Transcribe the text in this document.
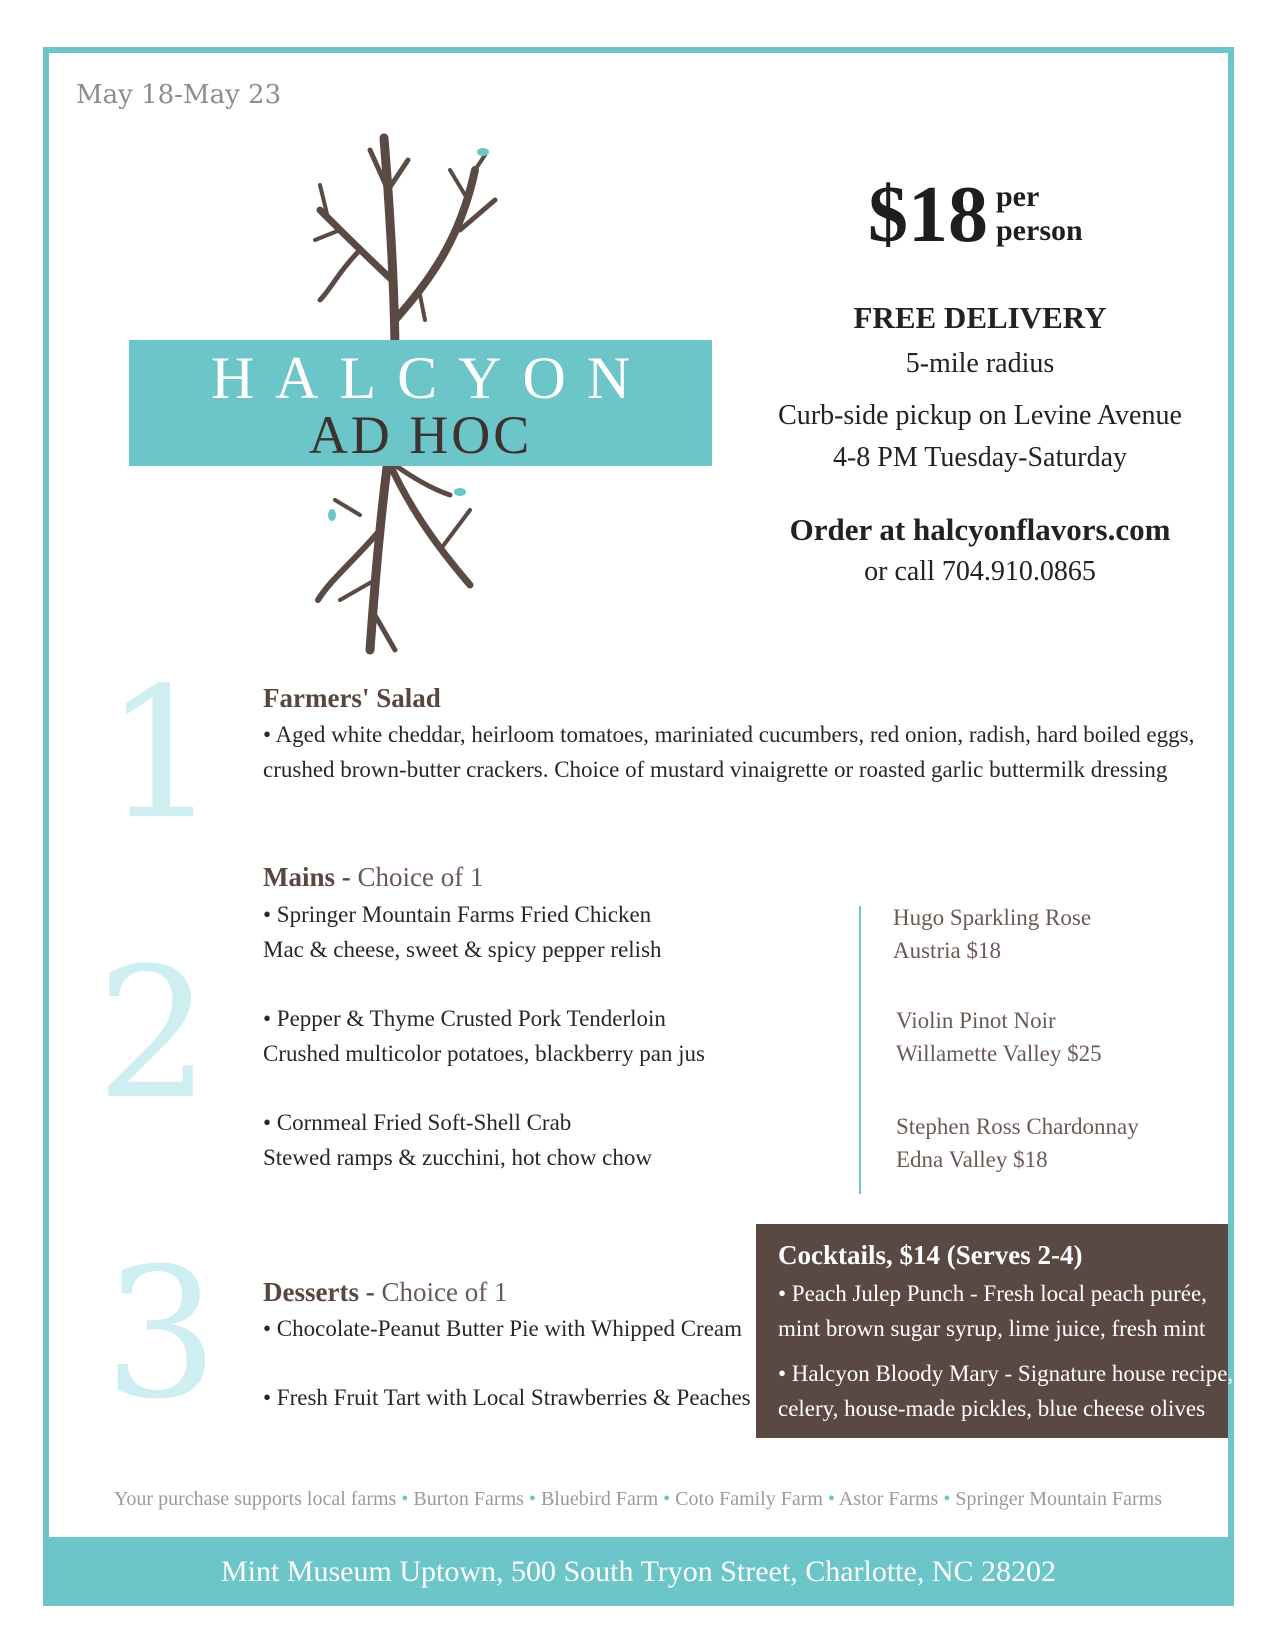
May 18-May 23
HALCYON
AD HOC
$18 per
person
FREE DELIVERY
5-mile radius
Curb-side pickup on Levine Avenue
4-8 PM Tuesday-Saturday
Order at halcyonflavors.com
or call 704.910.0865
1
2
3
Farmers' Salad
• Aged white cheddar, heirloom tomatoes, mariniated cucumbers, red onion, radish, hard boiled eggs,
crushed brown-butter crackers. Choice of mustard vinaigrette or roasted garlic buttermilk dressing
Mains - Choice of 1
• Springer Mountain Farms Fried Chicken
Mac & cheese, sweet & spicy pepper relish
• Pepper & Thyme Crusted Pork Tenderloin
Crushed multicolor potatoes, blackberry pan jus
• Cornmeal Fried Soft-Shell Crab
Stewed ramps & zucchini, hot chow chow
Hugo Sparkling Rose
Austria $18
Violin Pinot Noir
Willamette Valley $25
Stephen Ross Chardonnay
Edna Valley $18
Desserts - Choice of 1
• Chocolate-Peanut Butter Pie with Whipped Cream
• Fresh Fruit Tart with Local Strawberries & Peaches
Cocktails, $14 (Serves 2-4)
• Peach Julep Punch - Fresh local peach purée,
mint brown sugar syrup, lime juice, fresh mint
• Halcyon Bloody Mary - Signature house recipe,
celery, house-made pickles, blue cheese olives
Your purchase supports local farms • Burton Farms • Bluebird Farm • Coto Family Farm • Astor Farms • Springer Mountain Farms
Mint Museum Uptown, 500 South Tryon Street, Charlotte, NC 28202
